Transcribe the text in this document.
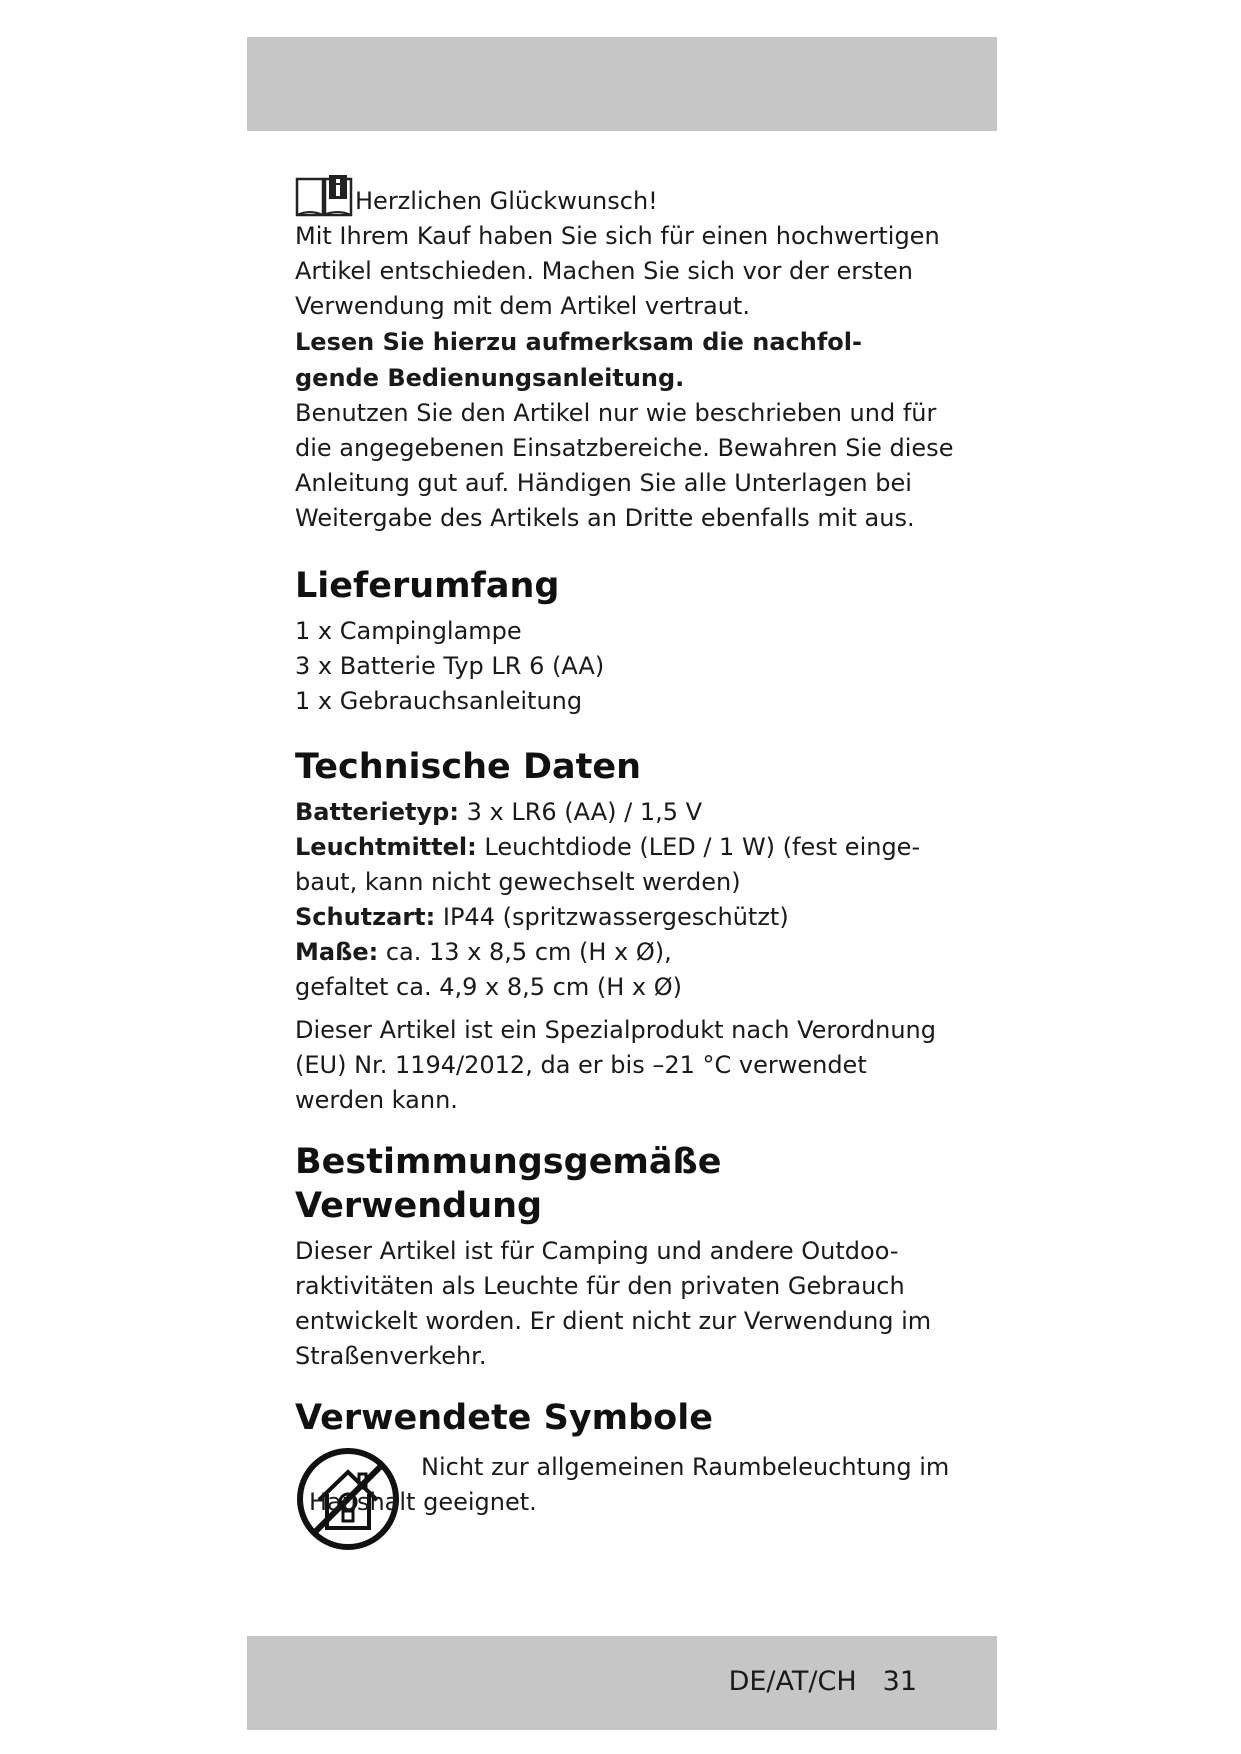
Herzlichen Glückwunsch!

Mit Ihrem Kauf haben Sie sich für einen hochwertigen

Artikel entschieden. Machen Sie sich vor der ersten

Verwendung mit dem Artikel vertraut.

Lesen Sie hierzu aufmerksam die nachfol-

gende Bedienungsanleitung.

Benutzen Sie den Artikel nur wie beschrieben und für

die angegebenen Einsatzbereiche. Bewahren Sie diese

Anleitung gut auf. Händigen Sie alle Unterlagen bei

Weitergabe des Artikels an Dritte ebenfalls mit aus.

Lieferumfang

1 x Campinglampe

3 x Batterie Typ LR 6 (AA)

1 x Gebrauchsanleitung

Technische Daten

Batterietyp: 3 x LR6 (AA) / 1,5 V

Leuchtmittel: Leuchtdiode (LED / 1 W) (fest einge-

baut, kann nicht gewechselt werden)

Schutzart: IP44 (spritzwassergeschützt)

Maße: ca. 13 x 8,5 cm (H x Ø),

gefaltet ca. 4,9 x 8,5 cm (H x Ø)

Dieser Artikel ist ein Spezialprodukt nach Verordnung

(EU) Nr. 1194/2012, da er bis –21 °C verwendet

werden kann.

Bestimmungsgemäße
Verwendung

Dieser Artikel ist für Camping und andere Outdoo-

raktivitäten als Leuchte für den privaten Gebrauch

entwickelt worden. Er dient nicht zur Verwendung im

Straßenverkehr.

Verwendete Symbole
Nicht zur allgemeinen Raumbeleuchtung im
Haushalt geeignet.
DE/AT/CH 31
